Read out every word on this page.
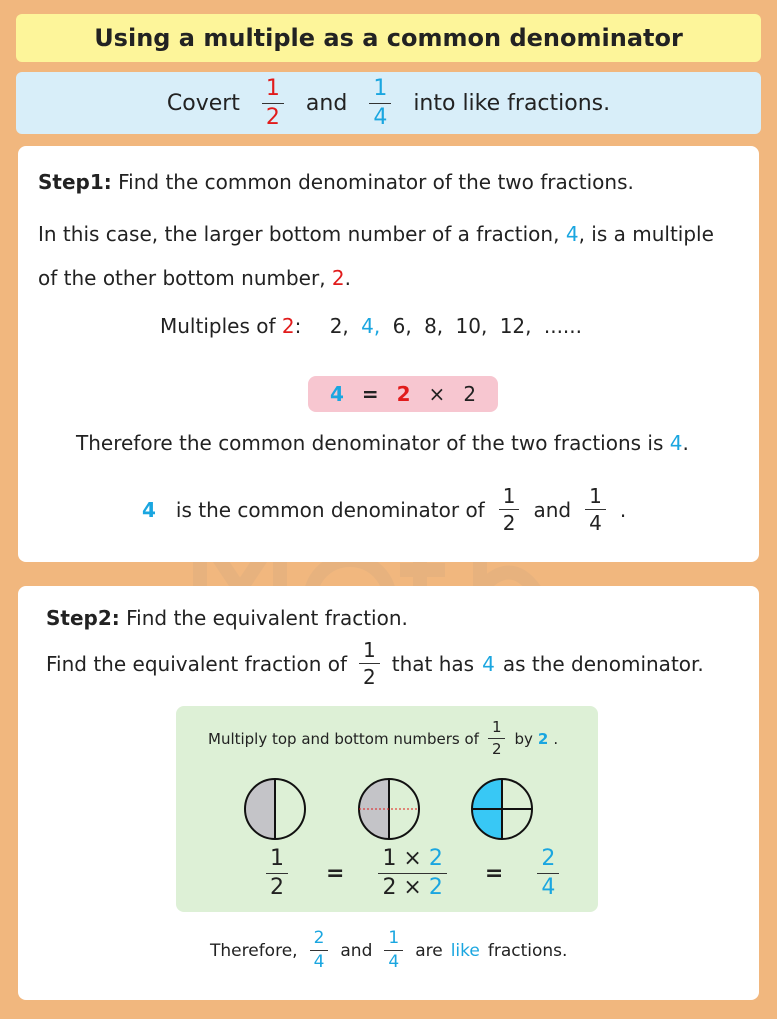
Using a multiple as a common denominator
Covert $\frac{1}{2}$ and $\frac{1}{4}$ into like fractions.
Step1: Find the common denominator of the two fractions.
In this case, the larger bottom number of a fraction, 4, is a multiple
of the other bottom number, 2.
Multiples of 2: 2, 4, 6, 8, 10, 12, ......
4 = 2 × 2
Therefore the common denominator of the two fractions is 4.
4 is the common denominator of $\frac{1}{2}$ and $\frac{1}{4}$ .
Step2: Find the equivalent fraction.
Find the equivalent fraction of $\frac{1}{2}$ that has 4 as the denominator.
Multiply top and bottom numbers of $\frac{1}{2}$ by 2 .
$\frac{1}{2} = \frac{1 \times 2}{2 \times 2} = \frac{2}{4}$
Therefore, $\frac{2}{4}$ and $\frac{1}{4}$ are like fractions.
